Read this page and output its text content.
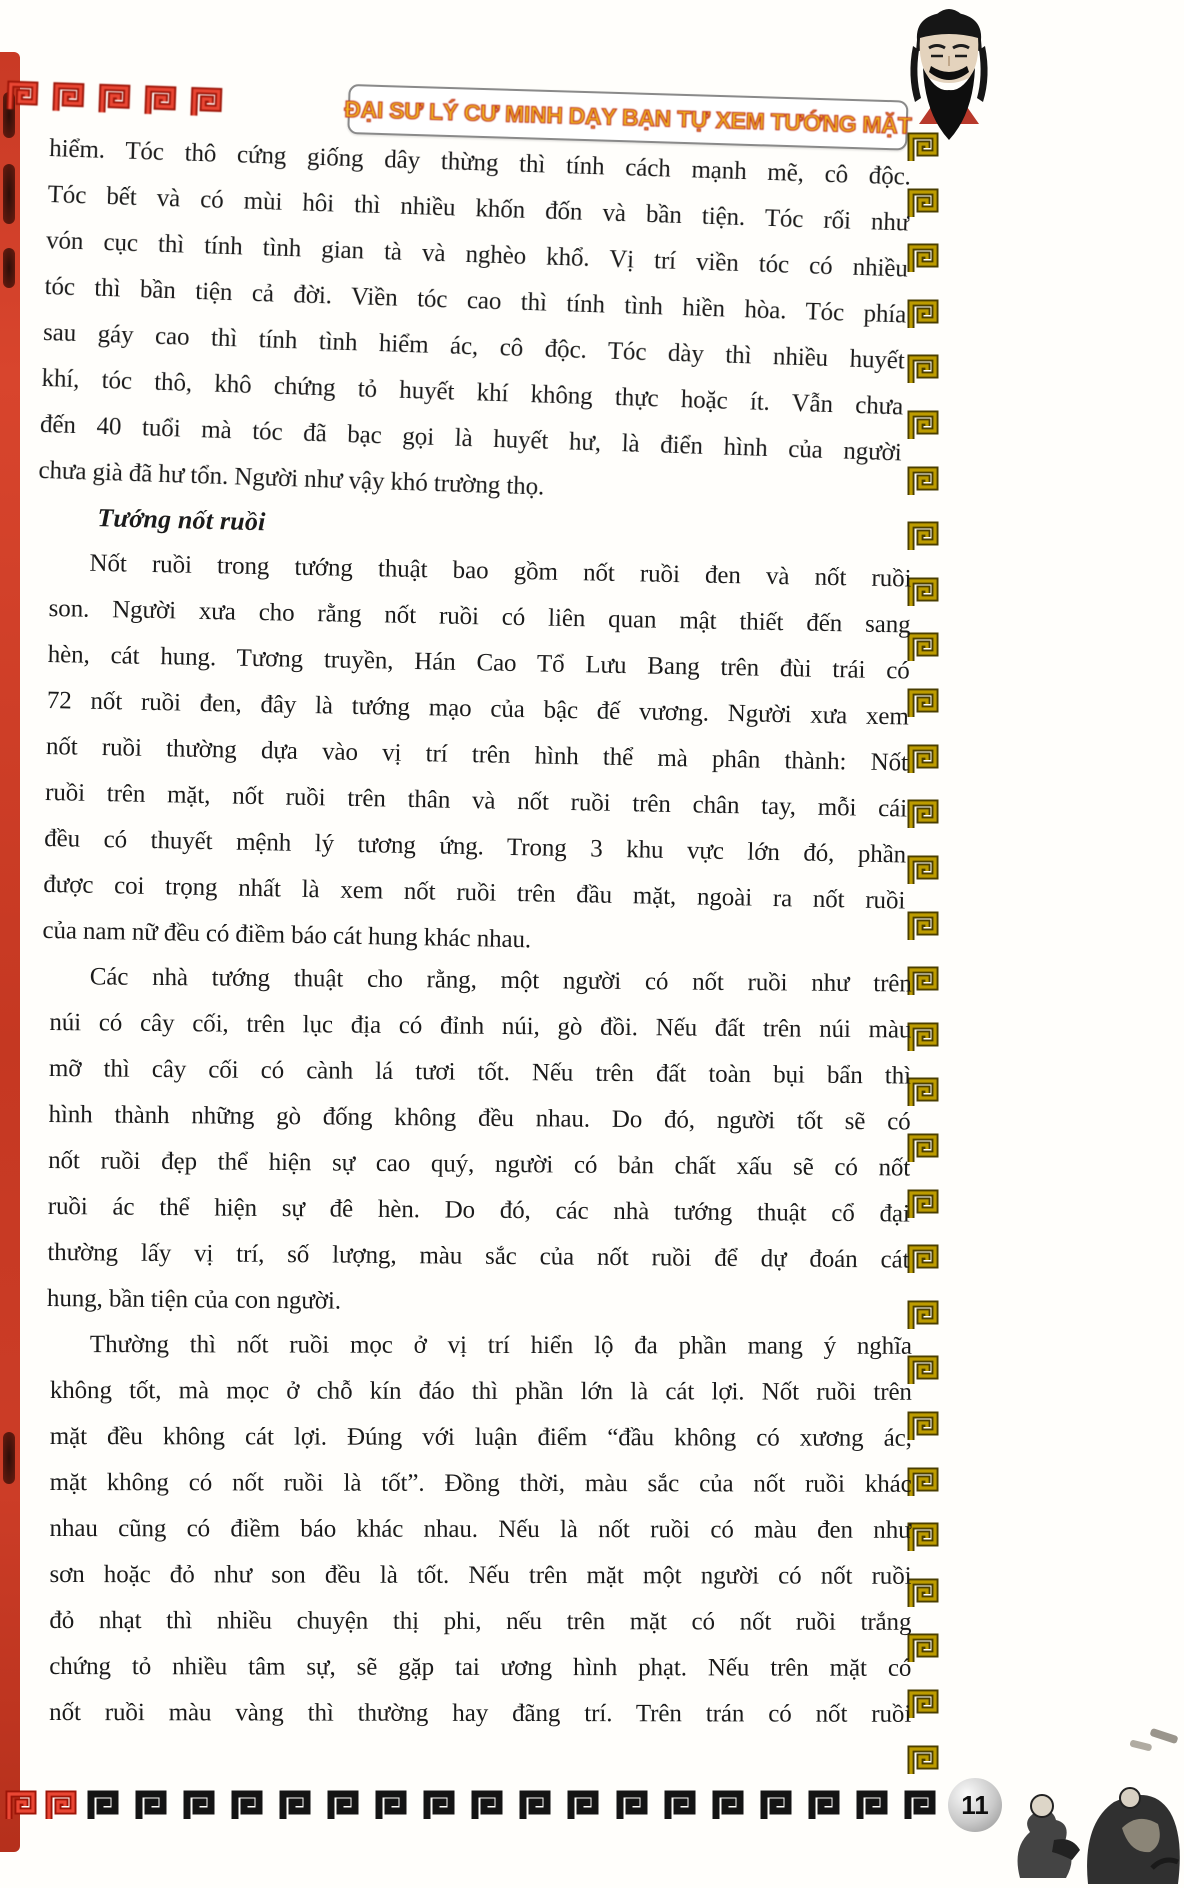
ĐẠI SƯ LÝ CƯ MINH DẠY BẠN TỰ XEM TƯỚNG MẶT
hiểm. Tóc thô cứng giống dây thừng thì tính cách mạnh mẽ, cô độc.
Tóc bết và có mùi hôi thì nhiều khốn đốn và bần tiện. Tóc rối như
vón cục thì tính tình gian tà và nghèo khổ. Vị trí viền tóc có nhiều
tóc thì bần tiện cả đời. Viền tóc cao thì tính tình hiền hòa. Tóc phía
sau gáy cao thì tính tình hiểm ác, cô độc. Tóc dày thì nhiều huyết
khí, tóc thô, khô chứng tỏ huyết khí không thực hoặc ít. Vẫn chưa
đến 40 tuổi mà tóc đã bạc gọi là huyết hư, là điển hình của người
chưa già đã hư tổn. Người như vậy khó trường thọ.
Tướng nốt ruồi
Nốt ruồi trong tướng thuật bao gồm nốt ruồi đen và nốt ruồi
son. Người xưa cho rằng nốt ruồi có liên quan mật thiết đến sang
hèn, cát hung. Tương truyền, Hán Cao Tổ Lưu Bang trên đùi trái có
72 nốt ruồi đen, đây là tướng mạo của bậc đế vương. Người xưa xem
nốt ruồi thường dựa vào vị trí trên hình thể mà phân thành: Nốt
ruồi trên mặt, nốt ruồi trên thân và nốt ruồi trên chân tay, mỗi cái
đều có thuyết mệnh lý tương ứng. Trong 3 khu vực lớn đó, phần
được coi trọng nhất là xem nốt ruồi trên đầu mặt, ngoài ra nốt ruồi
của nam nữ đều có điềm báo cát hung khác nhau.
Các nhà tướng thuật cho rằng, một người có nốt ruồi như trên
núi có cây cối, trên lục địa có đỉnh núi, gò đồi. Nếu đất trên núi màu
mỡ thì cây cối có cành lá tươi tốt. Nếu trên đất toàn bụi bẩn thì
hình thành những gò đống không đều nhau. Do đó, người tốt sẽ có
nốt ruồi đẹp thể hiện sự cao quý, người có bản chất xấu sẽ có nốt
ruồi ác thể hiện sự đê hèn. Do đó, các nhà tướng thuật cổ đại
thường lấy vị trí, số lượng, màu sắc của nốt ruồi để dự đoán cát
hung, bần tiện của con người.
Thường thì nốt ruồi mọc ở vị trí hiển lộ đa phần mang ý nghĩa
không tốt, mà mọc ở chỗ kín đáo thì phần lớn là cát lợi. Nốt ruồi trên
mặt đều không cát lợi. Đúng với luận điểm “đầu không có xương ác,
mặt không có nốt ruồi là tốt”. Đồng thời, màu sắc của nốt ruồi khác
nhau cũng có điềm báo khác nhau. Nếu là nốt ruồi có màu đen như
sơn hoặc đỏ như son đều là tốt. Nếu trên mặt một người có nốt ruồi
đỏ nhạt thì nhiều chuyện thị phi, nếu trên mặt có nốt ruồi trắng
chứng tỏ nhiều tâm sự, sẽ gặp tai ương hình phạt. Nếu trên mặt có
nốt ruồi màu vàng thì thường hay đãng trí. Trên trán có nốt ruồi
11
